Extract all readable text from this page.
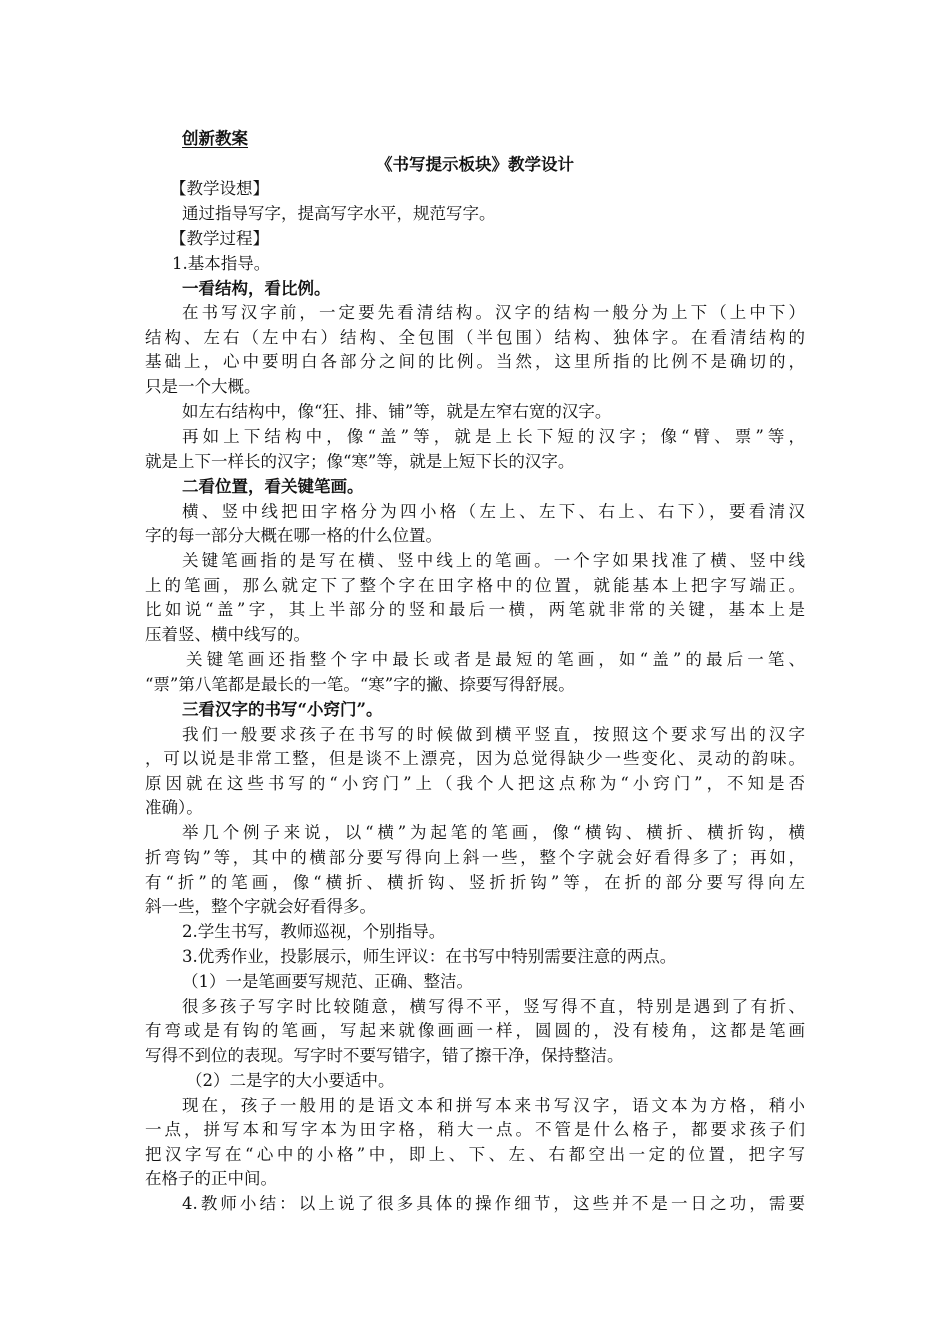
创新教案
《书写提示板块》教学设计
【教学设想】
通过指导写字，提高写字水平，规范写字。
【教学过程】
1.基本指导。
一看结构，看比例。
在书写汉字前，一定要先看清结构。汉字的结构一般分为上下（上中下）
结构、左右（左中右）结构、全包围（半包围）结构、独体字。在看清结构的
基础上，心中要明白各部分之间的比例。当然，这里所指的比例不是确切的，
只是一个大概。
如左右结构中，像“狂、排、铺”等，就是左窄右宽的汉字。
再如上下结构中，像“盖”等，就是上长下短的汉字；像“臂、票”等，
就是上下一样长的汉字；像“寒”等，就是上短下长的汉字。
二看位置，看关键笔画。
横、竖中线把田字格分为四小格（左上、左下、右上、右下），要看清汉
字的每一部分大概在哪一格的什么位置。
关键笔画指的是写在横、竖中线上的笔画。一个字如果找准了横、竖中线
上的笔画，那么就定下了整个字在田字格中的位置，就能基本上把字写端正。
比如说“盖”字，其上半部分的竖和最后一横，两笔就非常的关键，基本上是
压着竖、横中线写的。
关键笔画还指整个字中最长或者是最短的笔画，如“盖”的最后一笔、
“票”第八笔都是最长的一笔。“寒”字的撇、捺要写得舒展。
三看汉字的书写“小窍门”。
我们一般要求孩子在书写的时候做到横平竖直，按照这个要求写出的汉字
，可以说是非常工整，但是谈不上漂亮，因为总觉得缺少一些变化、灵动的韵味。
原因就在这些书写的“小窍门”上（我个人把这点称为“小窍门”，不知是否
准确）。
举几个例子来说，以“横”为起笔的笔画，像“横钩、横折、横折钩，横
折弯钩”等，其中的横部分要写得向上斜一些，整个字就会好看得多了；再如，
有“折”的笔画，像“横折、横折钩、竖折折钩”等，在折的部分要写得向左
斜一些，整个字就会好看得多。
2.学生书写，教师巡视，个别指导。
3.优秀作业，投影展示，师生评议：在书写中特别需要注意的两点。
（1）一是笔画要写规范、正确、整洁。
很多孩子写字时比较随意，横写得不平，竖写得不直，特别是遇到了有折、
有弯或是有钩的笔画，写起来就像画画一样，圆圆的，没有棱角，这都是笔画
写得不到位的表现。写字时不要写错字，错了擦干净，保持整洁。
（2）二是字的大小要适中。
现在，孩子一般用的是语文本和拼写本来书写汉字，语文本为方格，稍小
一点，拼写本和写字本为田字格，稍大一点。不管是什么格子，都要求孩子们
把汉字写在“心中的小格”中，即上、下、左、右都空出一定的位置，把字写
在格子的正中间。
4.教师小结：以上说了很多具体的操作细节，这些并不是一日之功，需要
